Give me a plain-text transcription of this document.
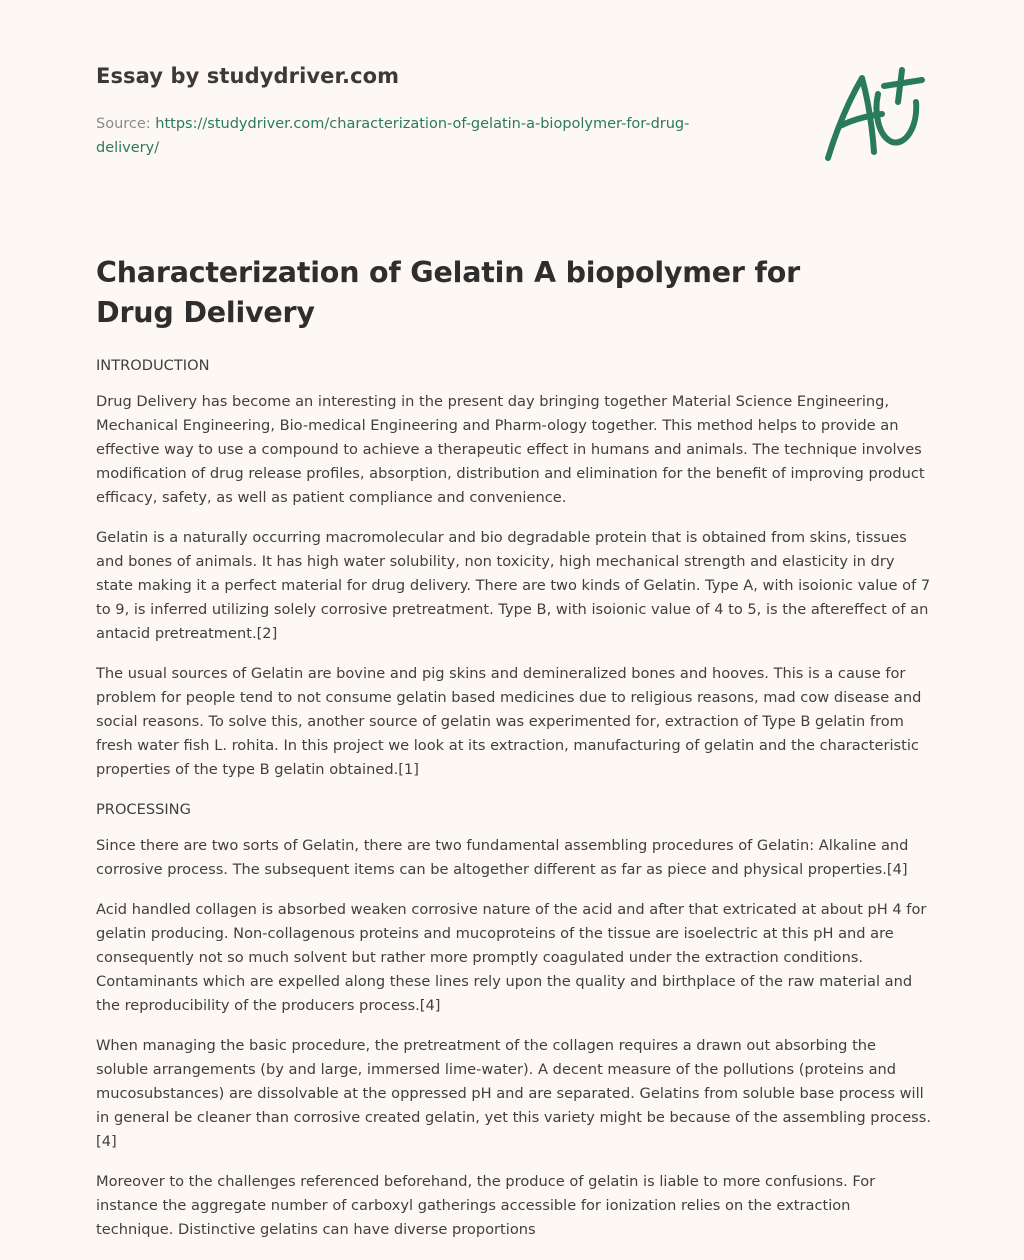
Essay by studydriver.com
Source: https://studydriver.com/characterization-of-gelatin-a-biopolymer-for-drug-delivery/
A+
Characterization of Gelatin A biopolymer for Drug Delivery

INTRODUCTION

Drug Delivery has become an interesting in the present day bringing together Material Science Engineering, Mechanical Engineering, Bio-medical Engineering and Pharm-ology together. This method helps to provide an effective way to use a compound to achieve a therapeutic effect in humans and animals. The technique involves modification of drug release profiles, absorption, distribution and elimination for the benefit of improving product efficacy, safety, as well as patient compliance and convenience.

Gelatin is a naturally occurring macromolecular and bio degradable protein that is obtained from skins, tissues and bones of animals. It has high water solubility, non toxicity, high mechanical strength and elasticity in dry state making it a perfect material for drug delivery. There are two kinds of Gelatin. Type A, with isoionic value of 7 to 9, is inferred utilizing solely corrosive pretreatment. Type B, with isoionic value of 4 to 5, is the aftereffect of an antacid pretreatment.[2]

The usual sources of Gelatin are bovine and pig skins and demineralized bones and hooves. This is a cause for problem for people tend to not consume gelatin based medicines due to religious reasons, mad cow disease and social reasons. To solve this, another source of gelatin was experimented for, extraction of Type B gelatin from fresh water fish L. rohita. In this project we look at its extraction, manufacturing of gelatin and the characteristic properties of the type B gelatin obtained.[1]

PROCESSING

Since there are two sorts of Gelatin, there are two fundamental assembling procedures of Gelatin: Alkaline and corrosive process. The subsequent items can be altogether different as far as piece and physical properties.[4]

Acid handled collagen is absorbed weaken corrosive nature of the acid and after that extricated at about pH 4 for gelatin producing. Non-collagenous proteins and mucoproteins of the tissue are isoelectric at this pH and are consequently not so much solvent but rather more promptly coagulated under the extraction conditions. Contaminants which are expelled along these lines rely upon the quality and birthplace of the raw material and the reproducibility of the producers process.[4]

When managing the basic procedure, the pretreatment of the collagen requires a drawn out absorbing the soluble arrangements (by and large, immersed lime-water). A decent measure of the pollutions (proteins and mucosubstances) are dissolvable at the oppressed pH and are separated. Gelatins from soluble base process will in general be cleaner than corrosive created gelatin, yet this variety might be because of the assembling process.[4]

Moreover to the challenges referenced beforehand, the produce of gelatin is liable to more confusions. For instance the aggregate number of carboxyl gatherings accessible for ionization relies on the extraction technique. Distinctive gelatins can have diverse proportions
